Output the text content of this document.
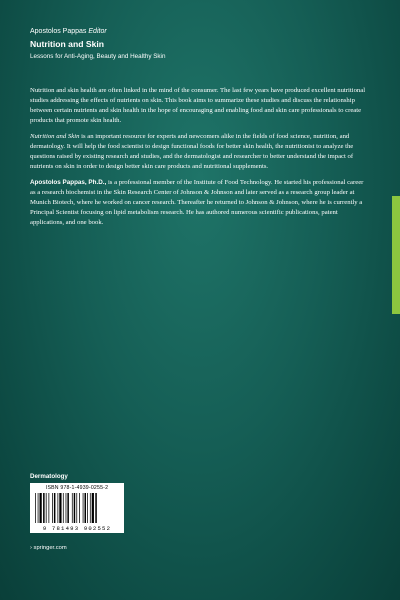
Apostolos Pappas Editor
Nutrition and Skin
Lessons for Anti-Aging, Beauty and Healthy Skin

Nutrition and skin health are often linked in the mind of the consumer. The last few years have produced excellent nutritional studies addressing the effects of nutrients on skin. This book aims to summarize these studies and discuss the relationship between certain nutrients and skin health in the hope of encouraging and enabling food and skin care professionals to create products that promote skin health.

Nutrition and Skin is an important resource for experts and newcomers alike in the fields of food science, nutrition, and dermatology. It will help the food scientist to design functional foods for better skin health, the nutritionist to analyze the questions raised by existing research and studies, and the dermatologist and researcher to better understand the impact of nutrients on skin in order to design better skin care products and nutritional supplements.

Apostolos Pappas, Ph.D., is a professional member of the Institute of Food Technology. He started his professional career as a research biochemist in the Skin Research Center of Johnson & Johnson and later served as a research group leader at Munich Biotech, where he worked on cancer research. Thereafter he returned to Johnson & Johnson, where he is currently a Principal Scientist focusing on lipid metabolism research. He has authored numerous scientific publications, patent applications, and one book.

Dermatology
ISBN 978-1-4939-0255-2
9 781493 902552
› springer.com
